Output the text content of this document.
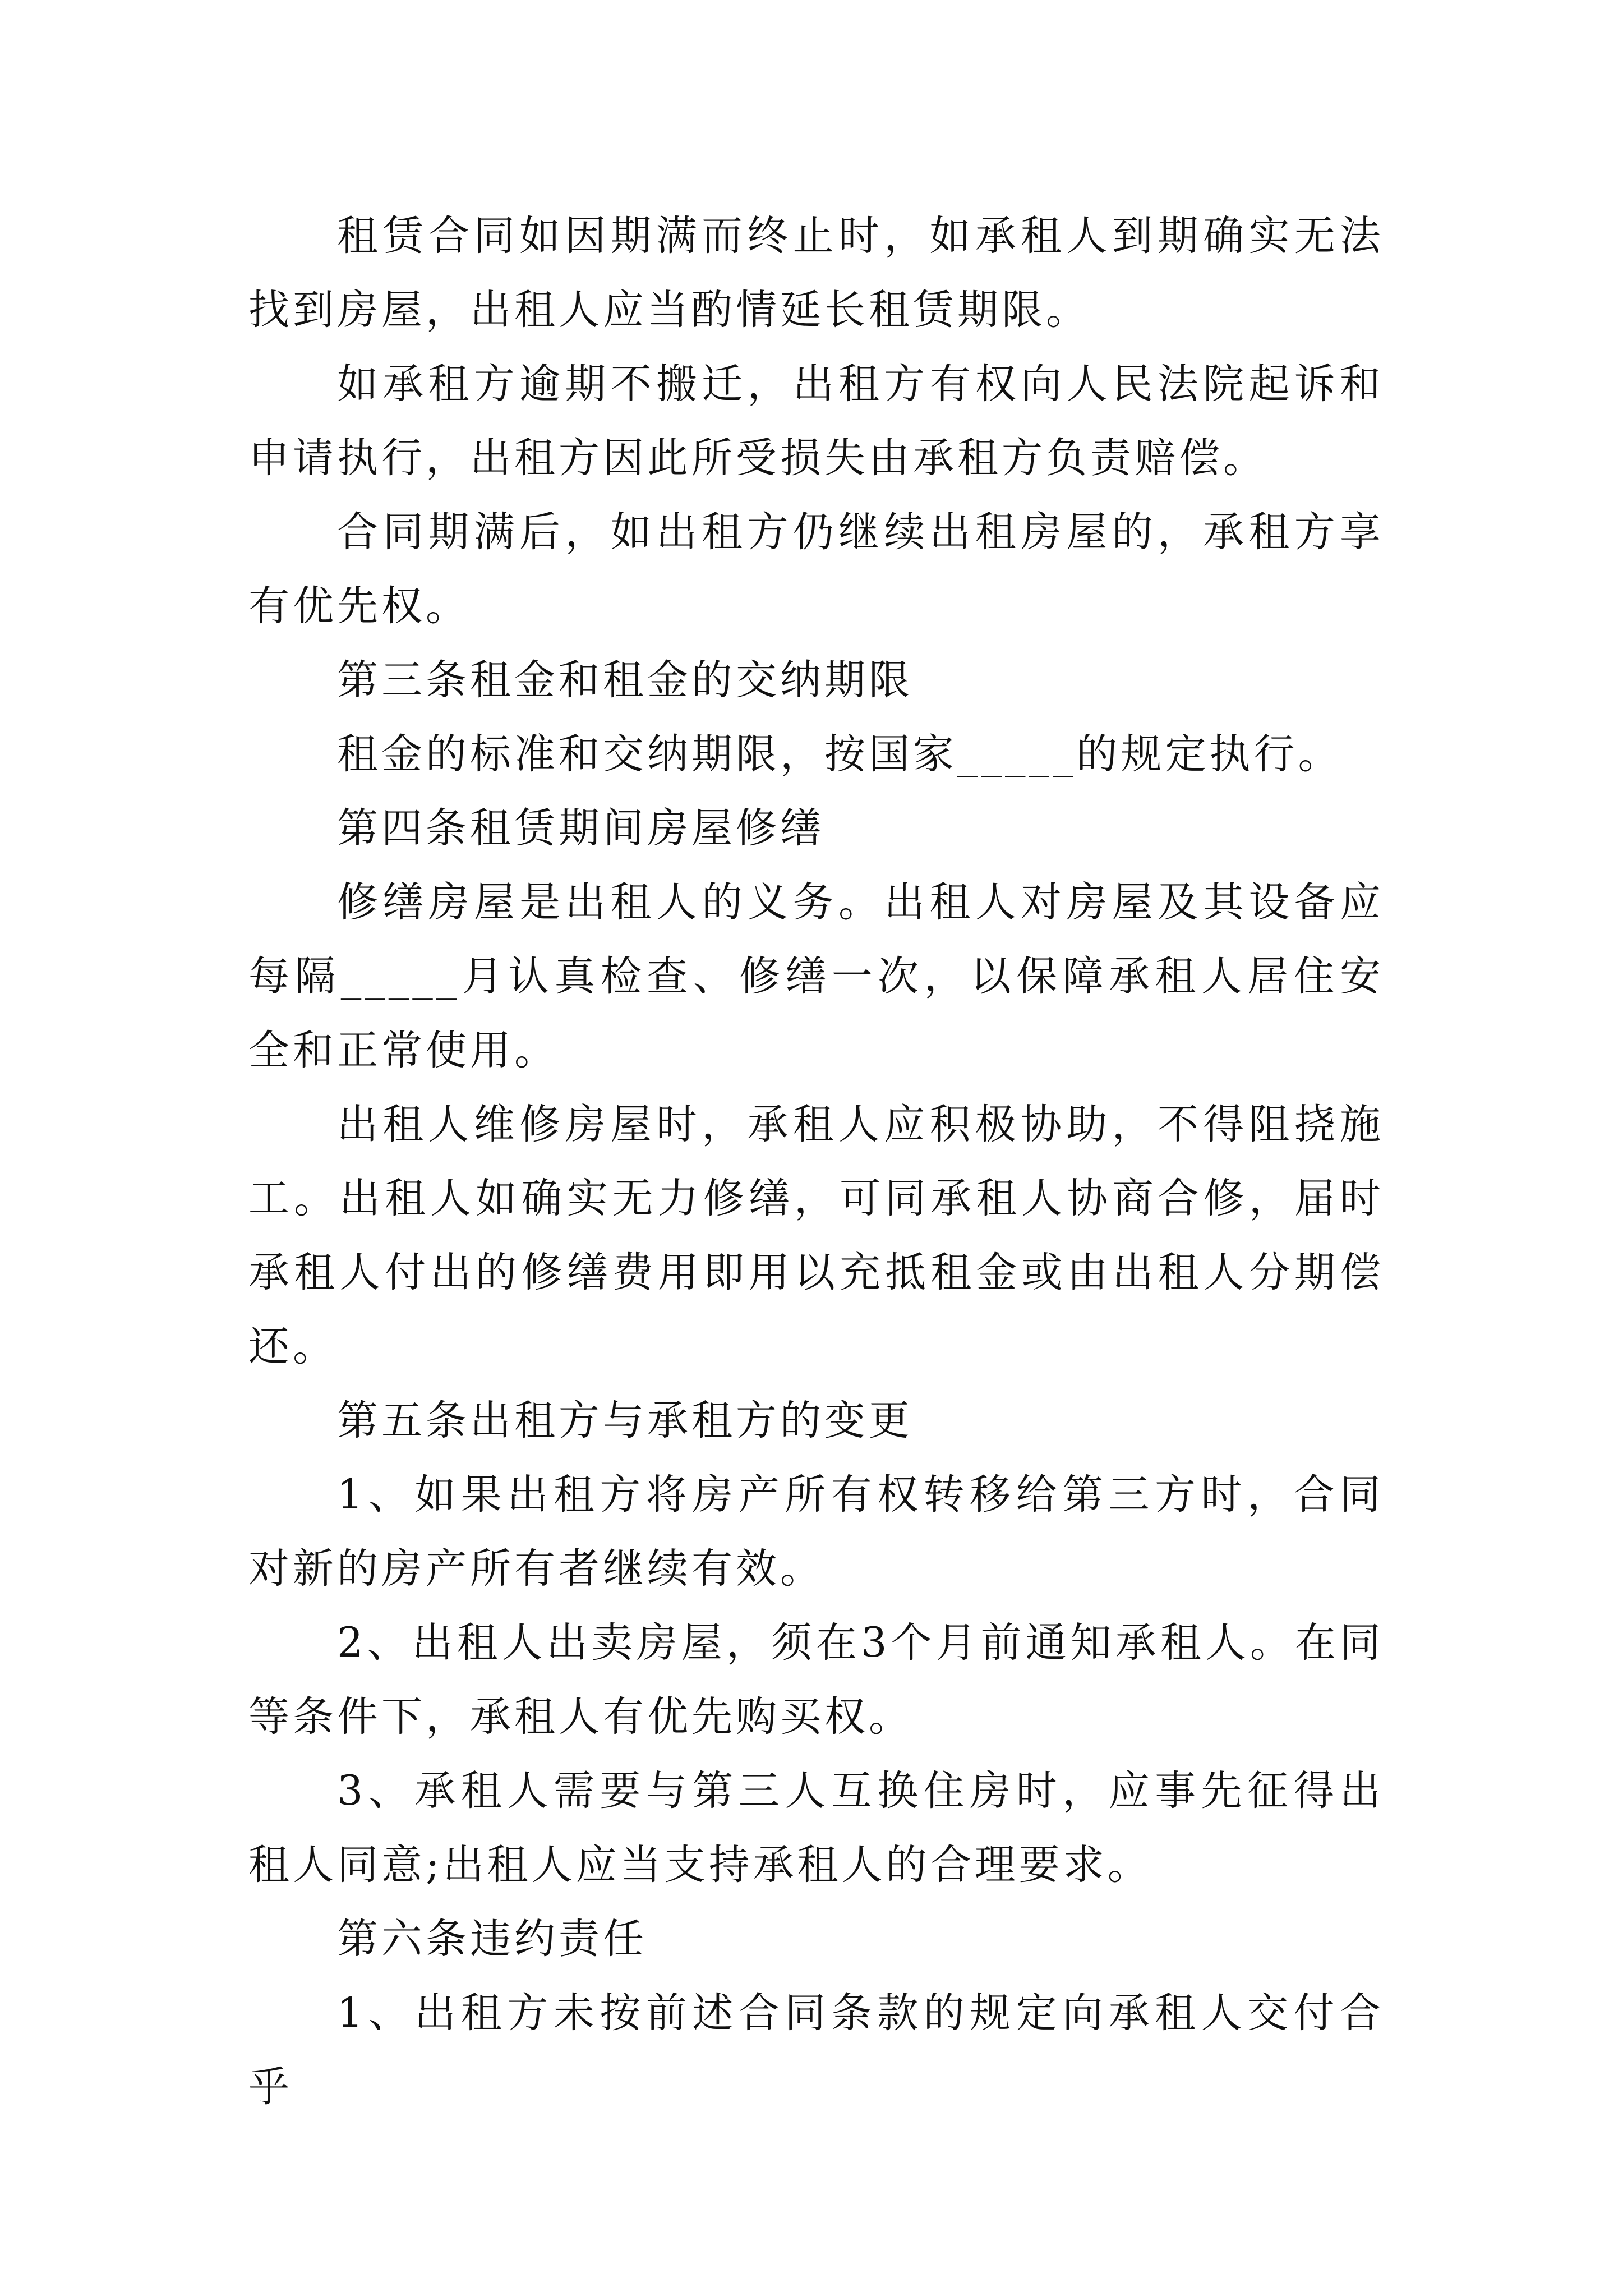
租赁合同如因期满而终止时，如承租人到期确实无法找到房屋，出租人应当酌情延长租赁期限。

如承租方逾期不搬迁，出租方有权向人民法院起诉和申请执行，出租方因此所受损失由承租方负责赔偿。

合同期满后，如出租方仍继续出租房屋的，承租方享有优先权。

第三条租金和租金的交纳期限

租金的标准和交纳期限，按国家_____的规定执行。

第四条租赁期间房屋修缮

修缮房屋是出租人的义务。出租人对房屋及其设备应每隔_____月认真检查、修缮一次，以保障承租人居住安全和正常使用。

出租人维修房屋时，承租人应积极协助，不得阻挠施工。出租人如确实无力修缮，可同承租人协商合修，届时承租人付出的修缮费用即用以充抵租金或由出租人分期偿还。

第五条出租方与承租方的变更

1、如果出租方将房产所有权转移给第三方时，合同对新的房产所有者继续有效。

2、出租人出卖房屋，须在3个月前通知承租人。在同等条件下，承租人有优先购买权。

3、承租人需要与第三人互换住房时，应事先征得出租人同意;出租人应当支持承租人的合理要求。

第六条违约责任

1、出租方未按前述合同条款的规定向承租人交付合乎
